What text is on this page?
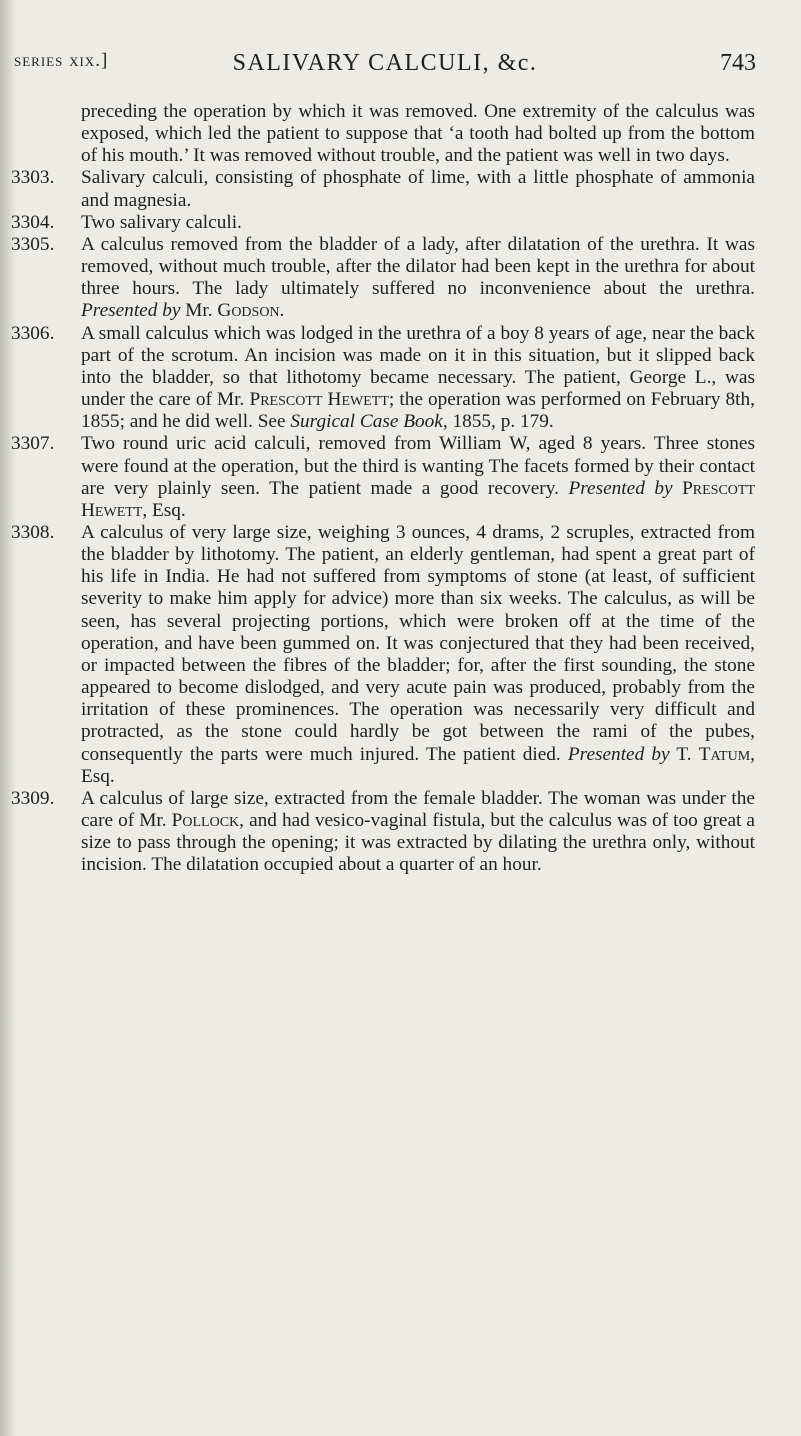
series xix.]	SALIVARY CALCULI, &c.	743

preceding the operation by which it was removed. One extremity of the calculus was exposed, which led the patient to suppose that ‘a tooth had bolted up from the bottom of his mouth.’ It was removed without trouble, and the patient was well in two days.

3303.	Salivary calculi, consisting of phosphate of lime, with a little phosphate of ammonia and magnesia.

3304.	Two salivary calculi.

3305.	A calculus removed from the bladder of a lady, after dilatation of the urethra. It was removed, without much trouble, after the dilator had been kept in the urethra for about three hours. The lady ultimately suffered no inconvenience about the urethra. Presented by Mr. Godson.

3306.	A small calculus which was lodged in the urethra of a boy 8 years of age, near the back part of the scrotum. An incision was made on it in this situation, but it slipped back into the bladder, so that lithotomy became necessary. The patient, George L., was under the care of Mr. Prescott Hewett; the operation was performed on February 8th, 1855; and he did well. See Surgical Case Book, 1855, p. 179.

3307.	Two round uric acid calculi, removed from William W, aged 8 years. Three stones were found at the operation, but the third is wanting The facets formed by their contact are very plainly seen. The patient made a good recovery. Presented by Prescott Hewett, Esq.

3308.	A calculus of very large size, weighing 3 ounces, 4 drams, 2 scruples, extracted from the bladder by lithotomy. The patient, an elderly gentleman, had spent a great part of his life in India. He had not suffered from symptoms of stone (at least, of sufficient severity to make him apply for advice) more than six weeks. The calculus, as will be seen, has several projecting portions, which were broken off at the time of the operation, and have been gummed on. It was conjectured that they had been received, or impacted between the fibres of the bladder; for, after the first sounding, the stone appeared to become dislodged, and very acute pain was produced, probably from the irritation of these prominences. The operation was necessarily very difficult and protracted, as the stone could hardly be got between the rami of the pubes, consequently the parts were much injured. The patient died. Presented by T. Tatum, Esq.

3309.	A calculus of large size, extracted from the female bladder. The woman was under the care of Mr. Pollock, and had vesico-vaginal fistula, but the calculus was of too great a size to pass through the opening; it was extracted by dilating the urethra only, without incision. The dilatation occupied about a quarter of an hour.
